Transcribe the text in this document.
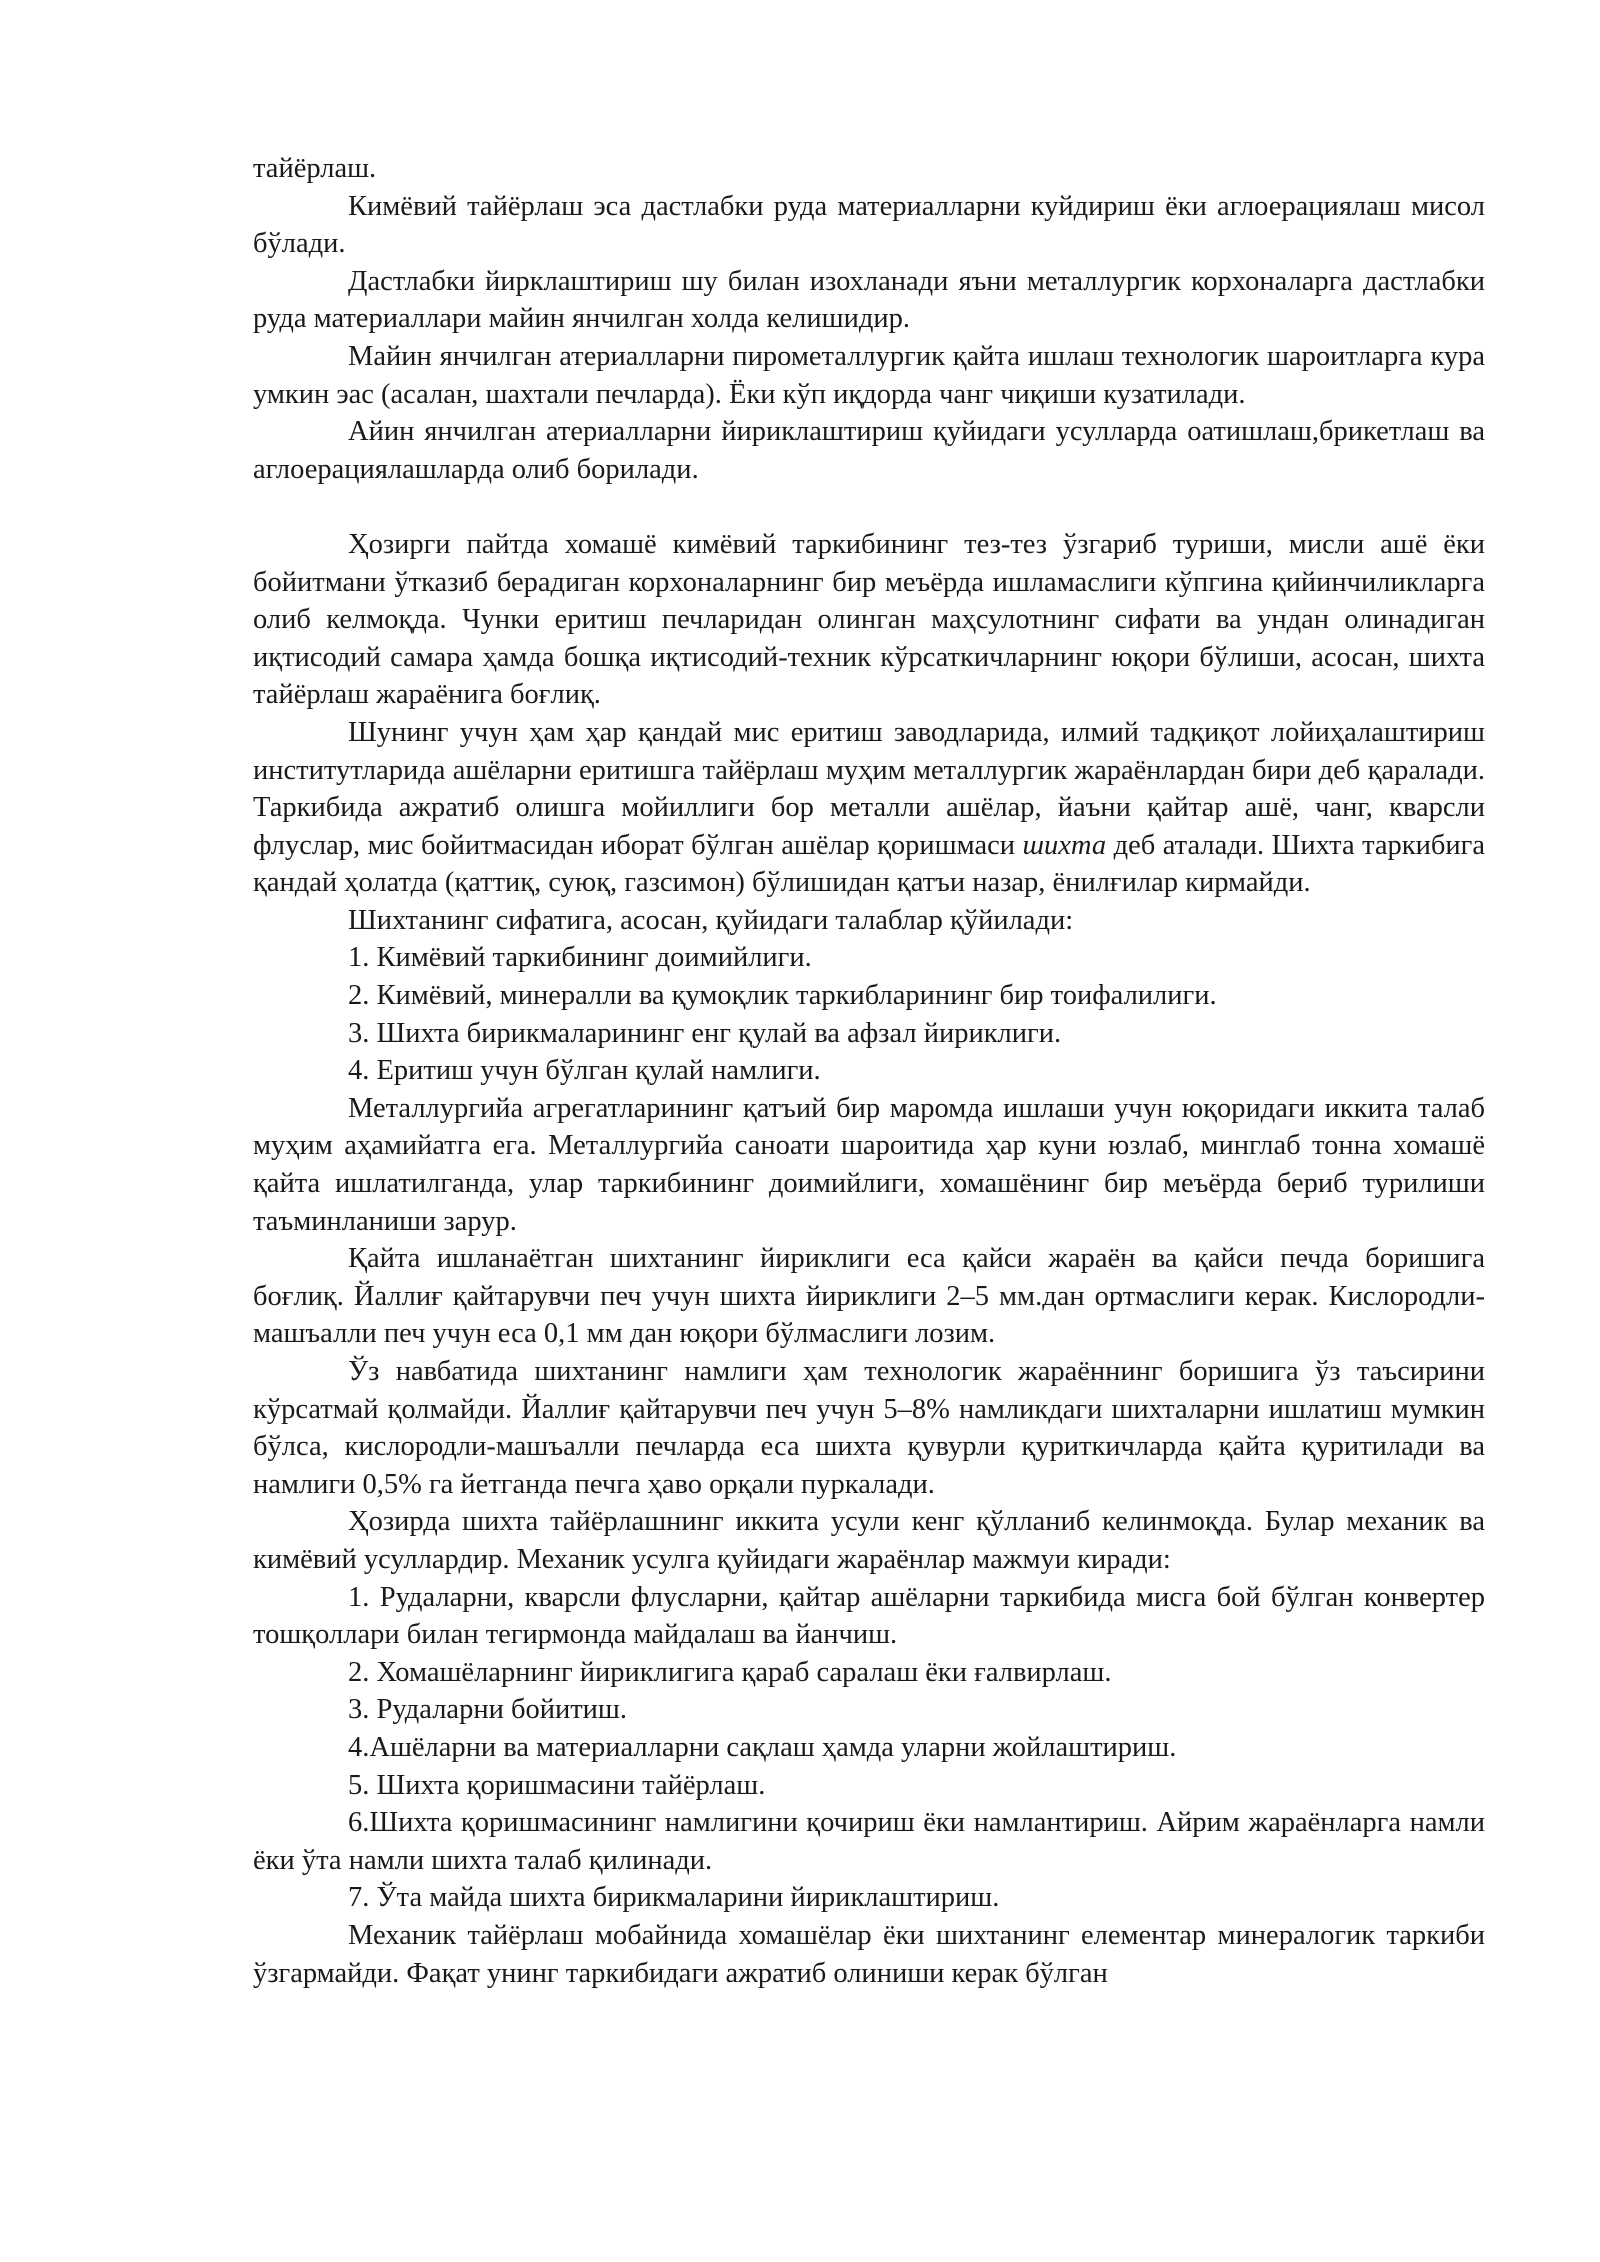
тайёрлаш.

Кимёвий тайёрлаш эса дастлабки руда материалларни куйдириш ёки аглоерациялаш мисол бўлади.

Дастлабки йирклаштириш шу билан изохланади яъни металлургик корхоналарга дастлабки руда материаллари майин янчилган холда келишидир.

Майин янчилган атериалларни пирометаллургик қайта ишлаш технологик шароитларга кура умкин эас (асалан, шахтали печларда). Ёки кўп иқдорда чанг чиқиши кузатилади.

Айин янчилган атериалларни йириклаштириш қуйидаги усулларда оатишлаш,брикетлаш ва аглоерациялашларда олиб борилади.

Ҳозирги пайтда хомашё кимёвий таркибининг тез-тез ўзгариб туриши, мисли ашё ёки бойитмани ўтказиб берадиган корхоналарнинг бир меъёрда ишламаслиги кўпгина қийинчиликларга олиб келмоқда. Чунки еритиш печларидан олинган маҳсулотнинг сифати ва ундан олинадиган иқтисодий самара ҳамда бошқа иқтисодий-техник кўрсаткичларнинг юқори бўлиши, асосан, шихта тайёрлаш жараёнига боғлиқ.

Шунинг учун ҳам ҳар қандай мис еритиш заводларида, илмий тадқиқот лойиҳалаштириш институтларида ашёларни еритишга тайёрлаш муҳим металлургик жараёнлардан бири деб қаралади. Таркибида ажратиб олишга мойиллиги бор металли ашёлар, йаъни қайтар ашё, чанг, кварсли флуслар, мис бойитмасидан иборат бўлган ашёлар қоришмаси шихта деб аталади. Шихта таркибига қандай ҳолатда (қаттиқ, суюқ, газсимон) бўлишидан қатъи назар, ёнилғилар кирмайди.

Шихтанинг сифатига, асосан, қуйидаги талаблар қўйилади:

1. Кимёвий таркибининг доимийлиги.

2. Кимёвий, минералли ва қумоқлик таркибларининг бир тоифалилиги.

3. Шихта бирикмаларининг енг қулай ва афзал йириклиги.

4. Еритиш учун бўлган қулай намлиги.

Металлургийа агрегатларининг қатъий бир маромда ишлаши учун юқоридаги иккита талаб муҳим аҳамийатга ега. Металлургийа саноати шароитида ҳар куни юзлаб, минглаб тонна хомашё қайта ишлатилганда, улар таркибининг доимийлиги, хомашёнинг бир меъёрда бериб турилиши таъминланиши зарур.

Қайта ишланаётган шихтанинг йириклиги еса қайси жараён ва қайси печда боришига боғлиқ. Йаллиғ қайтарувчи печ учун шихта йириклиги 2–5 мм.дан ортмаслиги керак. Кислородли-машъалли печ учун еса 0,1 мм дан юқори бўлмаслиги лозим.

Ўз навбатида шихтанинг намлиги ҳам технологик жараённинг боришига ўз таъсирини кўрсатмай қолмайди. Йаллиғ қайтарувчи печ учун 5–8% намликдаги шихталарни ишлатиш мумкин бўлса, кислородли-машъалли печларда еса шихта қувурли қуриткичларда қайта қуритилади ва намлиги 0,5% га йетганда печга ҳаво орқали пуркалади.

Ҳозирда шихта тайёрлашнинг иккита усули кенг қўлланиб келинмоқда. Булар механик ва кимёвий усуллардир. Механик усулга қуйидаги жараёнлар мажмуи киради:

1. Рудаларни, кварсли флусларни, қайтар ашёларни таркибида мисга бой бўлган конвертер тошқоллари билан тегирмонда майдалаш ва йанчиш.

2. Хомашёларнинг йириклигига қараб саралаш ёки ғалвирлаш.

3. Рудаларни бойитиш.

4.Ашёларни ва материалларни сақлаш ҳамда уларни жойлаштириш.

5. Шихта қоришмасини тайёрлаш.

6.Шихта қоришмасининг намлигини қочириш ёки намлантириш. Айрим жараёнларга намли ёки ўта намли шихта талаб қилинади.

7. Ўта майда шихта бирикмаларини йириклаштириш.

Механик тайёрлаш мобайнида хомашёлар ёки шихтанинг елементар минералогик таркиби ўзгармайди. Фақат унинг таркибидаги ажратиб олиниши керак бўлган
